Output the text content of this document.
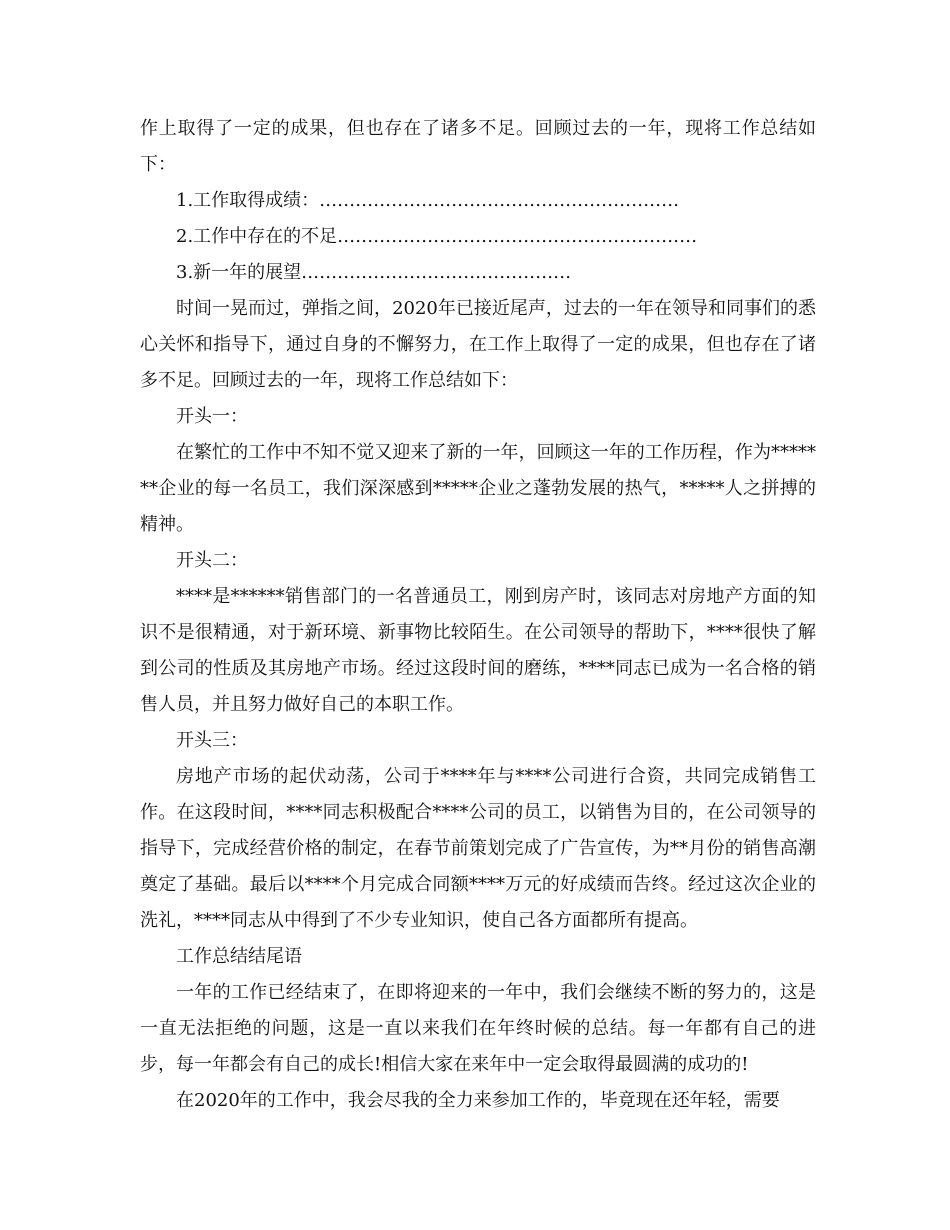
作上取得了一定的成果，但也存在了诸多不足。回顾过去的一年，现将工作总结如下：

1.工作取得成绩：……………………………………………………

2.工作中存在的不足……………………………………………………

3.新一年的展望………………………………………

时间一晃而过，弹指之间，2020年已接近尾声，过去的一年在领导和同事们的悉心关怀和指导下，通过自身的不懈努力，在工作上取得了一定的成果，但也存在了诸多不足。回顾过去的一年，现将工作总结如下：

开头一：

在繁忙的工作中不知不觉又迎来了新的一年，回顾这一年的工作历程，作为*******企业的每一名员工，我们深深感到*****企业之蓬勃发展的热气，*****人之拼搏的精神。

开头二：

****是******销售部门的一名普通员工，刚到房产时，该同志对房地产方面的知识不是很精通，对于新环境、新事物比较陌生。在公司领导的帮助下，****很快了解到公司的性质及其房地产市场。经过这段时间的磨练，****同志已成为一名合格的销售人员，并且努力做好自己的本职工作。

开头三：

房地产市场的起伏动荡，公司于****年与****公司进行合资，共同完成销售工作。在这段时间，****同志积极配合****公司的员工，以销售为目的，在公司领导的指导下，完成经营价格的制定，在春节前策划完成了广告宣传，为**月份的销售高潮奠定了基础。最后以****个月完成合同额****万元的好成绩而告终。经过这次企业的洗礼，****同志从中得到了不少专业知识，使自己各方面都所有提高。

工作总结结尾语

一年的工作已经结束了，在即将迎来的一年中，我们会继续不断的努力的，这是一直无法拒绝的问题，这是一直以来我们在年终时候的总结。每一年都有自己的进步，每一年都会有自己的成长!相信大家在来年中一定会取得最圆满的成功的!

在2020年的工作中，我会尽我的全力来参加工作的，毕竟现在还年轻，需要
